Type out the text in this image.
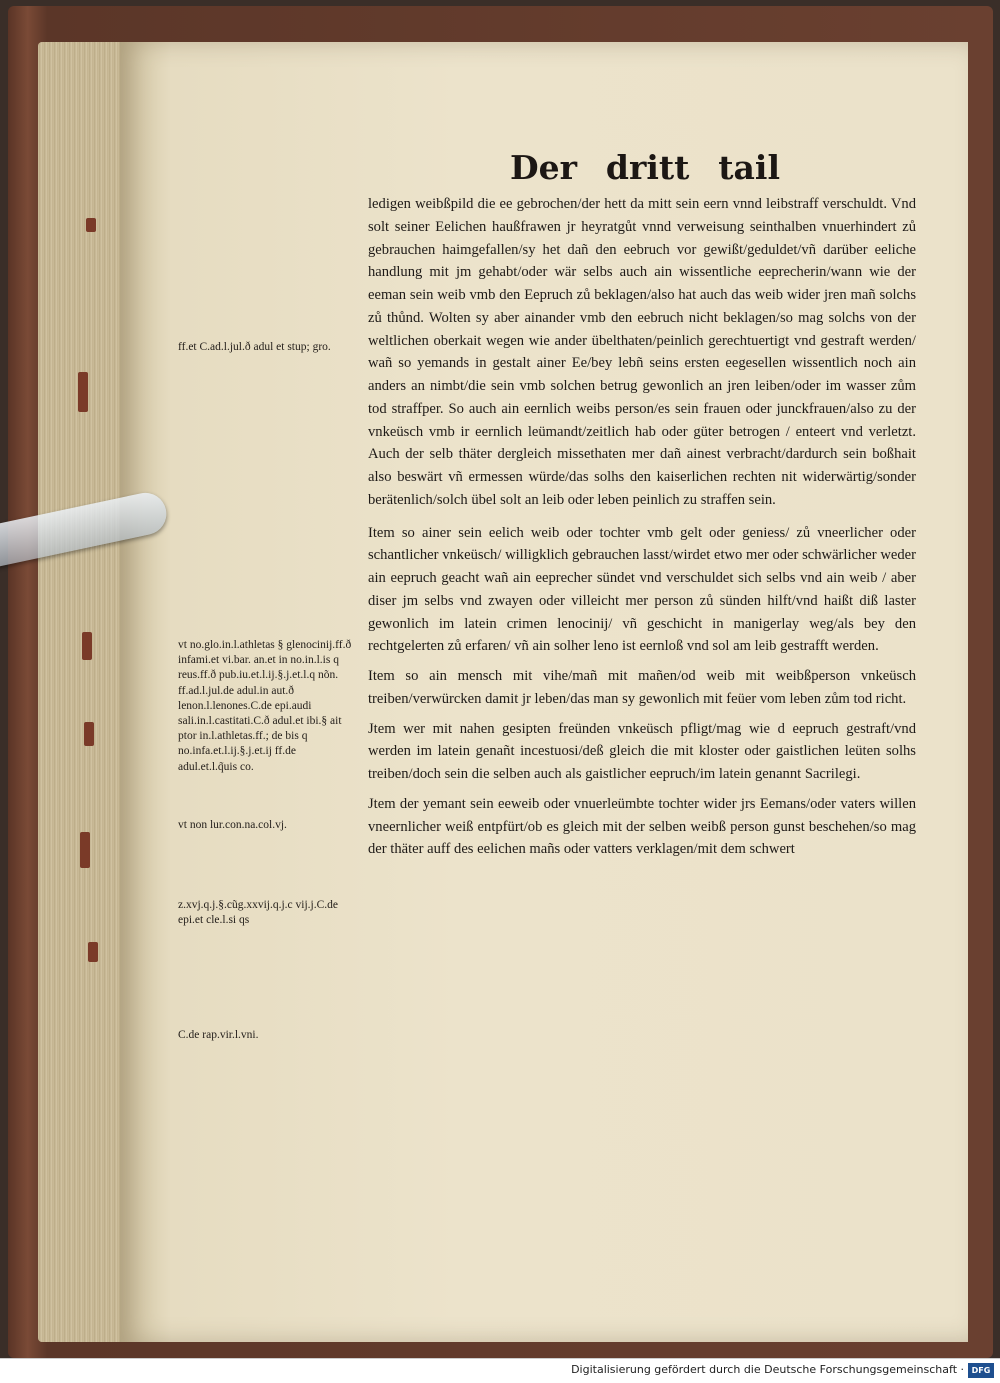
Der dritt tail

ledigen weibßpild die ee gebrochen/der hett da mitt sein eern vnnd leibstraff verschuldt. Vnd solt seiner Eelichen haußfrawen jr heyratgůt vnnd verweisung seinthalben vnuerhindert zů gebrauchen haimgefallen/sy het dañ den eebruch vor gewißt/geduldet/vñ darüber eeliche handlung mit jm gehabt/oder wär selbs auch ain wissentliche eeprecherin/wann wie der eeman sein weib vmb den Eepruch zů beklagen/also hat auch das weib wider jren mañ solchs zů thůnd. Wolten sy aber ainander vmb den eebruch nicht beklagen/so mag solchs von der weltlichen oberkait wegen wie ander übelthaten/peinlich gerechtuertigt vnd gestraft werden/ wañ so yemands in gestalt ainer Ee/bey lebñ seins ersten eegesellen wissentlich noch ain anders an nimbt/die sein vmb solchen betrug gewonlich an jren leiben/oder im wasser zům tod straffper. So auch ain eernlich weibs person/es sein frauen oder junckfrauen/also zu der vnkeüsch vmb ir eernlich leümandt/zeitlich hab oder güter betrogen / entеert vnd verletzt. Auch der selb thäter dergleich missethaten mer dañ ainest verbracht/dardurch sein boßhait also beswärt vñ ermessen würde/das solhs den kaiserlichen rechten nit widerwärtig/sonder berätenlich/solch übel solt an leib oder leben peinlich zu straffen sein.

Item so ainer sein eelich weib oder tochter vmb gelt oder geniess/ zů vneerlicher oder schantlicher vnkeüsch/ willigklich gebrauchen lasst/wirdet etwo mer oder schwärlicher weder ain eepruch geacht wañ ain eeprecher sündet vnd verschuldet sich selbs vnd ain weib / aber diser jm selbs vnd zwayen oder villeicht mer person zů sünden hilft/vnd haißt diß laster gewonlich im latein crimen lenocinij/ vñ geschicht in manigerlay weg/als bey den rechtgelerten zů erfaren/ vñ ain solher leno ist eernloß vnd sol am leib gestrafft werden.

Item so ain mensch mit vihe/mañ mit mañen/od weib mit weibßperson vnkeüsch treiben/verwürcken damit jr leben/das man sy gewonlich mit feüer vom leben zům tod richt.

Jtem wer mit nahen gesipten freünden vnkeüsch pfligt/mag wie d eepruch gestraft/vnd werden im latein genañt incestuosi/deß gleich die mit kloster oder gaistlichen leüten solhs treiben/doch sein die selben auch als gaistlicher eepruch/im latein genannt Sacrilegi.

Jtem der yemant sein eeweib oder vnuerleümbte tochter wider jrs Eemans/oder vaters willen vneernlicher weiß entpfürt/ob es gleich mit der selben weibß person gunst beschehen/so mag der thäter auff des eelichen mañs oder vatters verklagen/mit dem schwert

ff.et C.ad.l.jul.ð adul et stup; gro.
vt no.glo.in.l.athletas § glenocinij.ff.ð infami.et vi.bar. an.et in no.in.l.is q reus.ff.ð pub.iu.et.l.ij.§.j.et.l.q nõn. ff.ad.l.jul.de adul.in aut.ð lenon.l.lenones.C.de epi.audi sali.in.l.castitati.C.ð adul.et ibi.§ ait ptor in.l.athletas.ff.; de bis q no.infa.et.l.ij.§.j.et.ij ff.de adul.et.l.q̃uis co.
vt non lur.con.na.col.vj.
z.xvj.q.j.§.cũg.xxvij.q.j.c vij.j.C.de epi.et cle.l.si qs
C.de rap.vir.l.vni.
Digitalisierung gefördert durch die Deutsche Forschungsgemeinschaft · DFG
